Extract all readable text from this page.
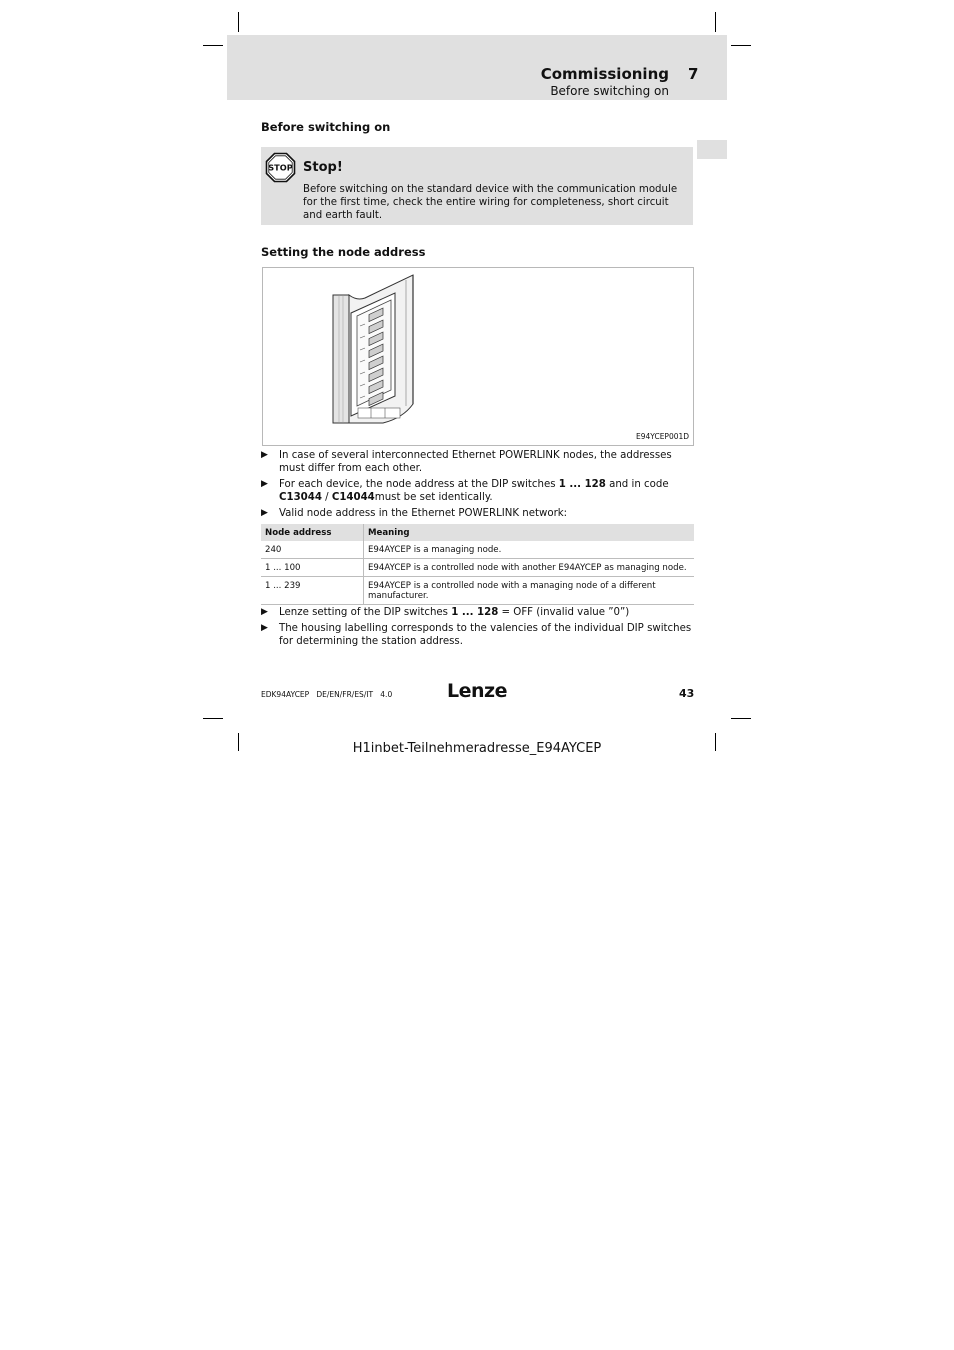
Commissioning 7
Before switching on
Before switching on
STOP Stop!
Before switching on the standard device with the communication module for the first time, check the entire wiring for completeness, short circuit and earth fault.
Setting the node address
E94YCEP001D
▶ In case of several interconnected Ethernet POWERLINK nodes, the addresses must differ from each other.
▶ For each device, the node address at the DIP switches 1 ... 128 and in code C13044 / C14044must be set identically.
▶ Valid node address in the Ethernet POWERLINK network:
Node address	Meaning
240	E94AYCEP is a managing node.
1 ... 100	E94AYCEP is a controlled node with another E94AYCEP as managing node.
1 ... 239	E94AYCEP is a controlled node with a managing node of a different manufacturer.
▶ Lenze setting of the DIP switches 1 ... 128 = OFF (invalid value ”0”)
▶ The housing labelling corresponds to the valencies of the individual DIP switches for determining the station address.
EDK94AYCEP   DE/EN/FR/ES/IT   4.0	Lenze	43
H1inbet-Teilnehmeradresse_E94AYCEP
